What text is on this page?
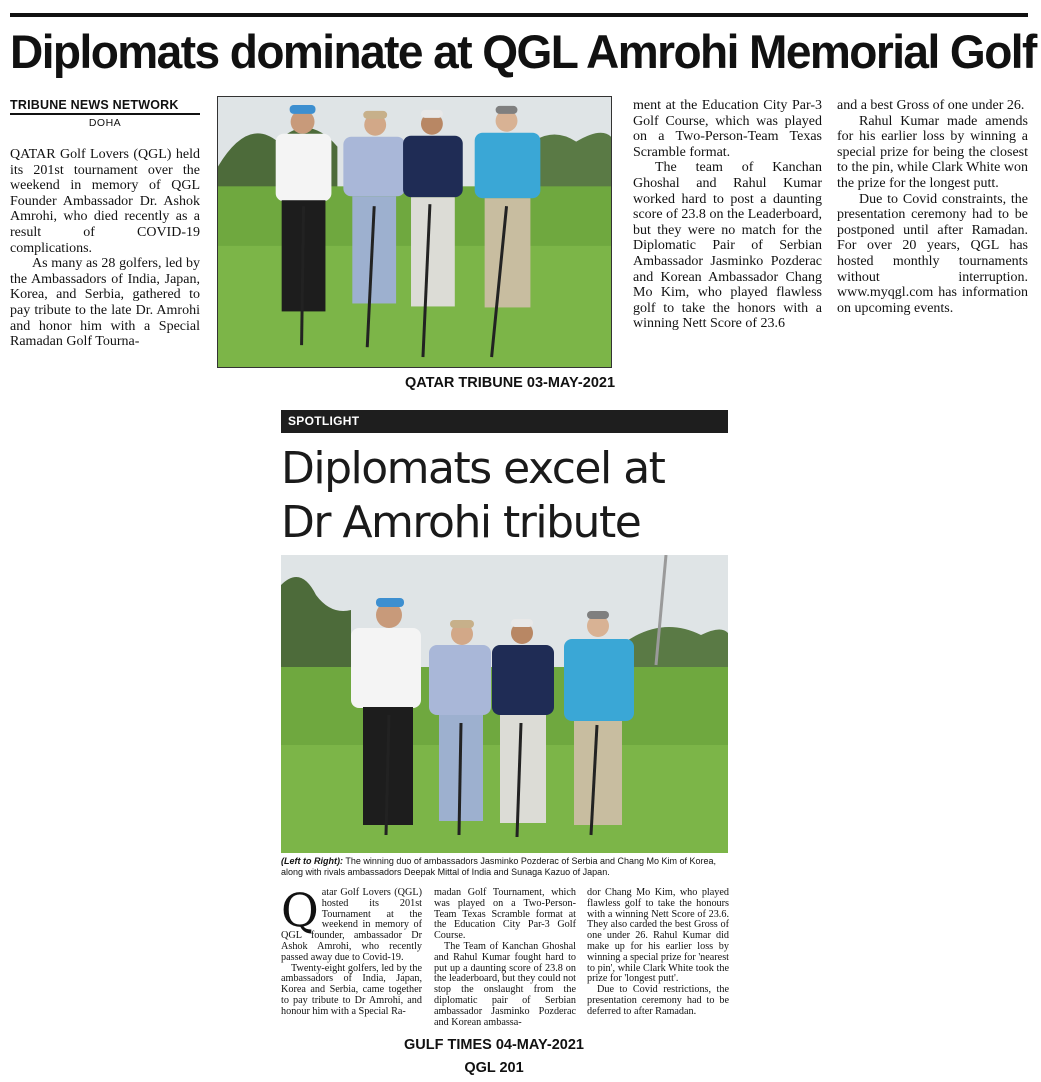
Diplomats dominate at QGL Amrohi Memorial Golf
TRIBUNE NEWS NETWORK
DOHA

QATAR Golf Lovers (QGL) held its 201st tournament over the weekend in memory of QGL Founder Ambassador Dr. Ashok Amrohi, who died recently as a result of COVID-19 complications.

As many as 28 golfers, led by the Ambassadors of India, Japan, Korea, and Serbia, gathered to pay tribute to the late Dr. Amrohi and honor him with a Special Ramadan Golf Tourna-

ment at the Education City Par-3 Golf Course, which was played on a Two-Person-Team Texas Scramble format.

The team of Kanchan Ghoshal and Rahul Kumar worked hard to post a daunting score of 23.8 on the Leaderboard, but they were no match for the Diplomatic Pair of Serbian Ambassador Jasminko Pozderac and Korean Ambassador Chang Mo Kim, who played flawless golf to take the honors with a winning Nett Score of 23.6

and a best Gross of one under 26.

Rahul Kumar made amends for his earlier loss by winning a special prize for being the closest to the pin, while Clark White won the prize for the longest putt.

Due to Covid constraints, the presentation ceremony had to be postponed until after Ramadan. For over 20 years, QGL has hosted monthly tournaments without interruption. www.myqgl.com has information on upcoming events.

QATAR TRIBUNE 03-MAY-2021
SPOTLIGHT
Diplomats excel at
Dr Amrohi tribute
(Left to Right): The winning duo of ambassadors Jasminko Pozderac of Serbia and Chang Mo Kim of Korea, along with rivals ambassadors Deepak Mittal of India and Sunaga Kazuo of Japan.

Qatar Golf Lovers (QGL) hosted its 201st Tournament at the weekend in memory of QGL founder, ambassador Dr Ashok Amrohi, who recently passed away due to Covid-19.

Twenty-eight golfers, led by the ambassadors of India, Japan, Korea and Serbia, came together to pay tribute to Dr Amrohi, and honour him with a Special Ra-

madan Golf Tournament, which was played on a Two-Person-Team Texas Scramble format at the Education City Par-3 Golf Course.

The Team of Kanchan Ghoshal and Rahul Kumar fought hard to put up a daunting score of 23.8 on the leaderboard, but they could not stop the onslaught from the diplomatic pair of Serbian ambassador Jasminko Pozderac and Korean ambassa-

dor Chang Mo Kim, who played flawless golf to take the honours with a winning Nett Score of 23.6. They also carded the best Gross of one under 26. Rahul Kumar did make up for his earlier loss by winning a special prize for 'nearest to pin', while Clark White took the prize for 'longest putt'.

Due to Covid restrictions, the presentation ceremony had to be deferred to after Ramadan.

GULF TIMES 04-MAY-2021
QGL 201
